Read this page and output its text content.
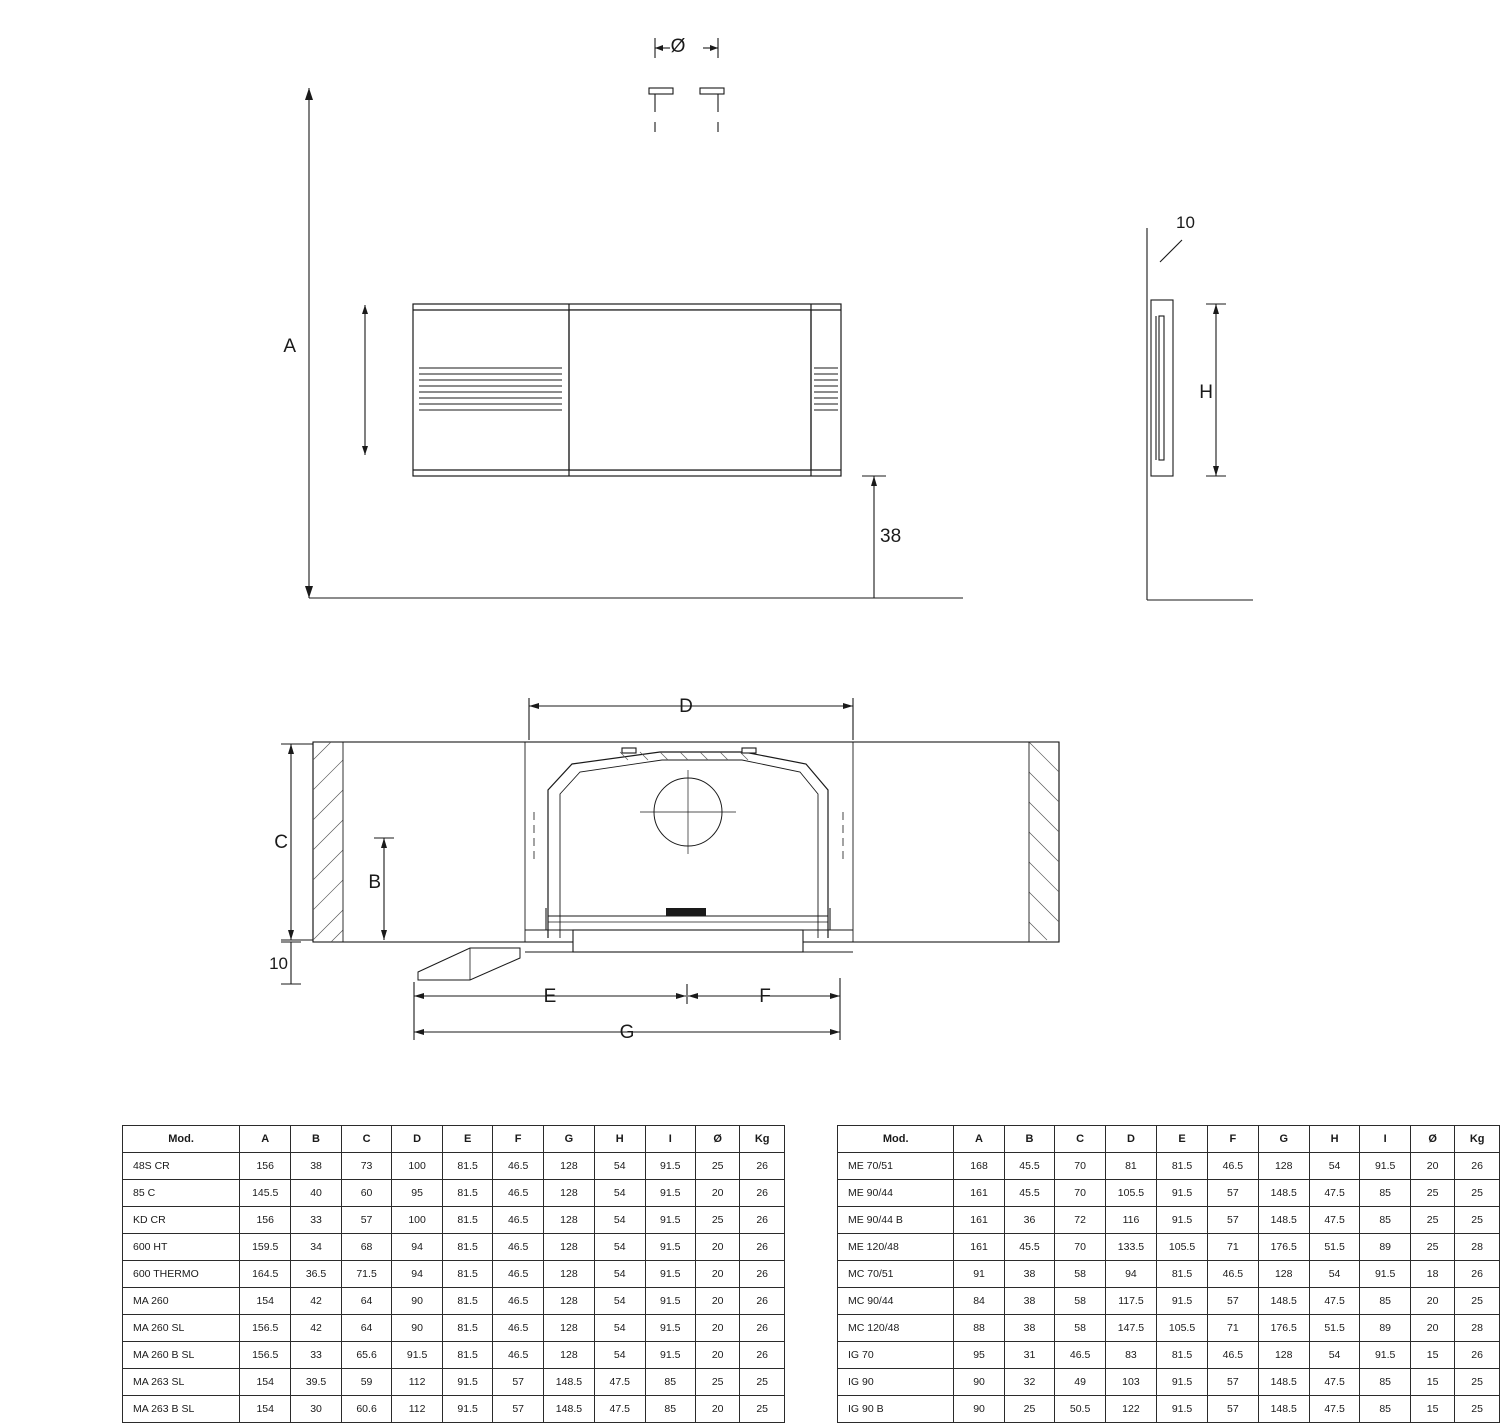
Ø
A
38
10
H
D
C
B
10
E	F
G
Mod.	A	B	C	D	E	F	G	H	I	Ø	Kg
48S CR	156	38	73	100	81.5	46.5	128	54	91.5	25	26
85 C	145.5	40	60	95	81.5	46.5	128	54	91.5	20	26
KD CR	156	33	57	100	81.5	46.5	128	54	91.5	25	26
600 HT	159.5	34	68	94	81.5	46.5	128	54	91.5	20	26
600 THERMO	164.5	36.5	71.5	94	81.5	46.5	128	54	91.5	20	26
MA 260	154	42	64	90	81.5	46.5	128	54	91.5	20	26
MA 260 SL	156.5	42	64	90	81.5	46.5	128	54	91.5	20	26
MA 260 B SL	156.5	33	65.6	91.5	81.5	46.5	128	54	91.5	20	26
MA 263 SL	154	39.5	59	112	91.5	57	148.5	47.5	85	25	25
MA 263 B SL	154	30	60.6	112	91.5	57	148.5	47.5	85	20	25
Mod.	A	B	C	D	E	F	G	H	I	Ø	Kg
ME 70/51	168	45.5	70	81	81.5	46.5	128	54	91.5	20	26
ME 90/44	161	45.5	70	105.5	91.5	57	148.5	47.5	85	25	25
ME 90/44 B	161	36	72	116	91.5	57	148.5	47.5	85	25	25
ME 120/48	161	45.5	70	133.5	105.5	71	176.5	51.5	89	25	28
MC 70/51	91	38	58	94	81.5	46.5	128	54	91.5	18	26
MC 90/44	84	38	58	117.5	91.5	57	148.5	47.5	85	20	25
MC 120/48	88	38	58	147.5	105.5	71	176.5	51.5	89	20	28
IG 70	95	31	46.5	83	81.5	46.5	128	54	91.5	15	26
IG 90	90	32	49	103	91.5	57	148.5	47.5	85	15	25
IG 90 B	90	25	50.5	122	91.5	57	148.5	47.5	85	15	25
